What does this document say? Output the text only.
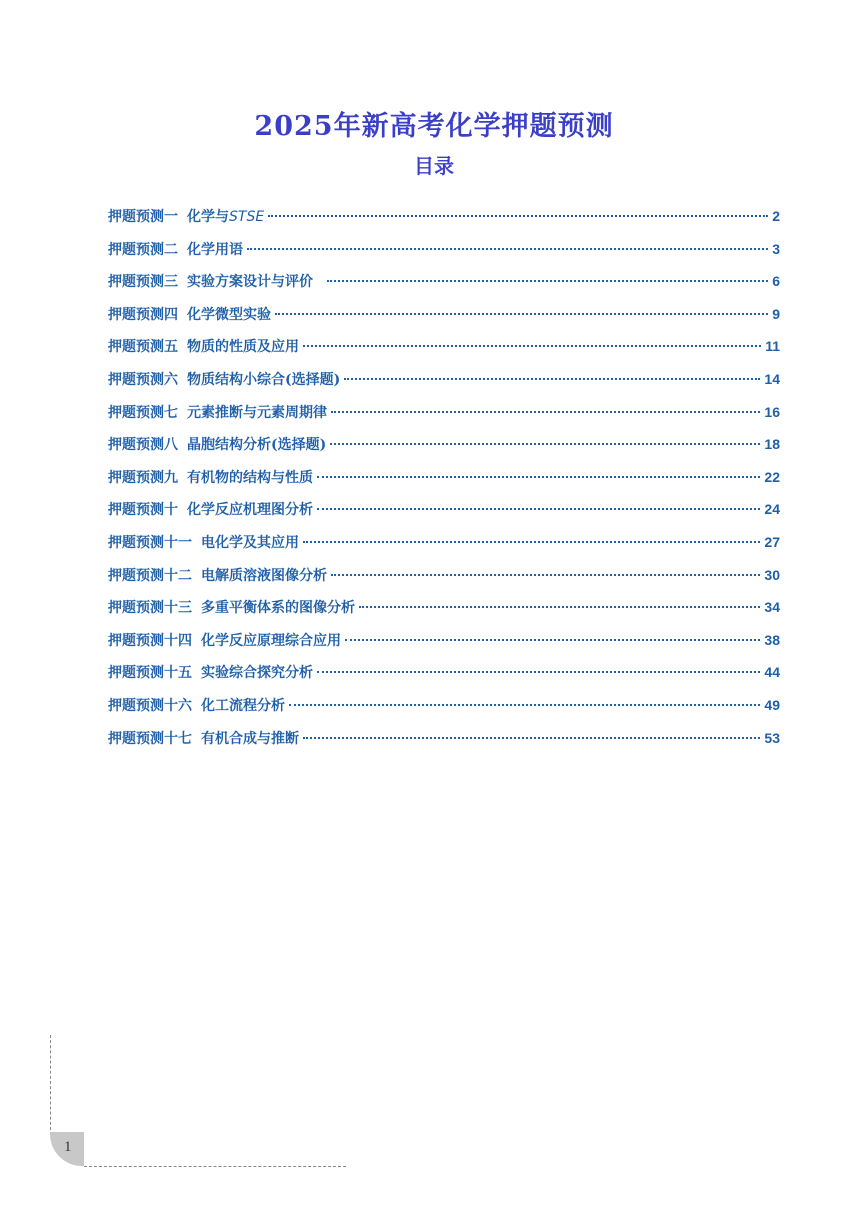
2025年新高考化学押题预测
目录
押题预测一 化学与STSE	2
押题预测二 化学用语	3
押题预测三 实验方案设计与评价	6
押题预测四 化学微型实验	9
押题预测五 物质的性质及应用	11
押题预测六 物质结构小综合(选择题)	14
押题预测七 元素推断与元素周期律	16
押题预测八 晶胞结构分析(选择题)	18
押题预测九 有机物的结构与性质	22
押题预测十 化学反应机理图分析	24
押题预测十一 电化学及其应用	27
押题预测十二 电解质溶液图像分析	30
押题预测十三 多重平衡体系的图像分析	34
押题预测十四 化学反应原理综合应用	38
押题预测十五 实验综合探究分析	44
押题预测十六 化工流程分析	49
押题预测十七 有机合成与推断	53
1
